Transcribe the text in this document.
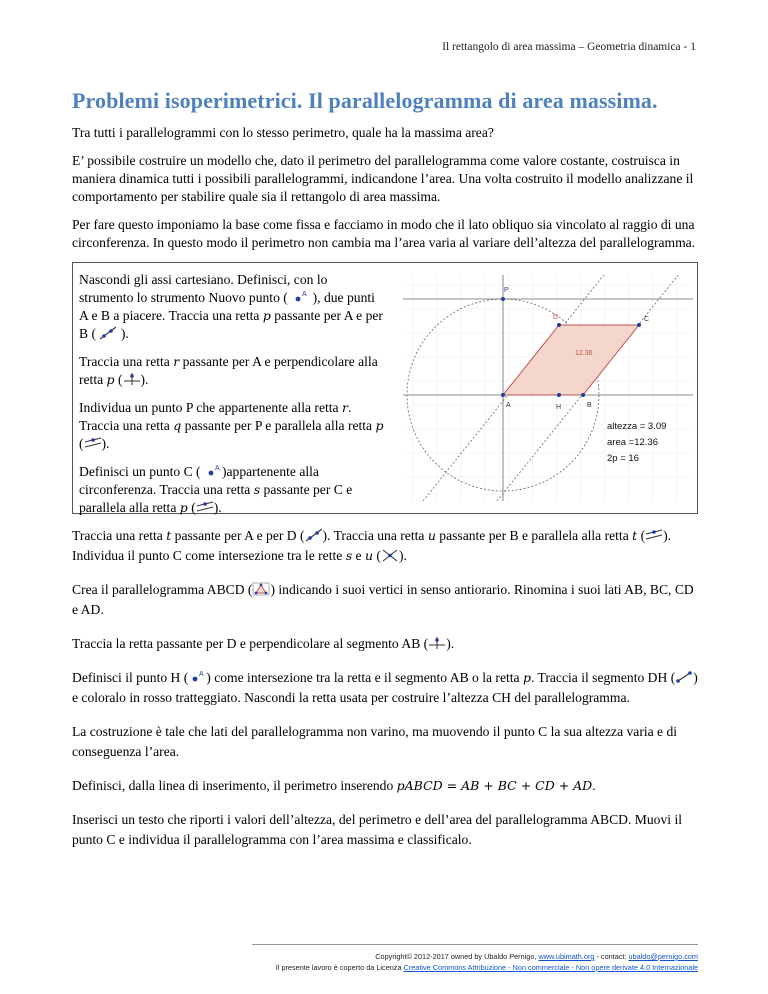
Il rettangolo di area massima – Geometria dinamica - 1
Problemi isoperimetrici. Il parallelogramma di area massima.

Tra tutti i parallelogrammi con lo stesso perimetro, quale ha la massima area?

E’ possibile costruire un modello che, dato il perimetro del parallelogramma come valore costante, costruisca in maniera dinamica tutti i possibili parallelogrammi, indicandone l’area. Una volta costruito il modello analizzane il comportamento per stabilire quale sia il rettangolo di area massima.

Per fare questo imponiamo la base come fissa e facciamo in modo che il lato obliquo sia vincolato al raggio di una circonferenza. In questo modo il perimetro non cambia ma l’area varia al variare dell’altezza del parallelogramma.

Nascondi gli assi cartesiano. Definisci, con lo strumento lo strumento Nuovo punto ( A ), due punti A e B a piacere. Traccia una retta p passante per A e per B ( ).

Traccia una retta r passante per A e perpendicolare alla retta p ( ).

Individua un punto P che appartenente alla retta r. Traccia una retta q passante per P e parallela alla retta p ( ).

Definisci un punto C ( A )appartenente alla circonferenza. Traccia una retta s passante per C e parallela alla retta p ( ).

P
D	C
A	H	B
12.36
altezza = 3.09
area =12.36
2p = 16

Traccia una retta t passante per A e per D ( ). Traccia una retta u passante per B e parallela alla retta t ( ). Individua il punto C come intersezione tra le rette s e u ( ).

Crea il parallelogramma ABCD ( ) indicando i suoi vertici in senso antiorario. Rinomina i suoi lati AB, BC, CD e AD.

Traccia la retta passante per D e perpendicolare al segmento AB ( ).

Definisci il punto H ( A ) come intersezione tra la retta e il segmento AB o la retta p. Traccia il segmento DH ( ) e coloralo in rosso tratteggiato. Nascondi la retta usata per costruire l’altezza CH del parallelogramma.

La costruzione è tale che lati del parallelogramma non varino, ma muovendo il punto C la sua altezza varia e di conseguenza l’area.

Definisci, dalla linea di inserimento, il perimetro inserendo pABCD = AB + BC + CD + AD.

Inserisci un testo che riporti i valori dell’altezza, del perimetro e dell’area del parallelogramma ABCD. Muovi il punto C e individua il parallelogramma con l’area massima e classificalo.

Copyright© 2012-2017 owned by Ubaldo Pernigo, www.ubimath.org - contact: ubaldo@pernigo.com
Il presente lavoro è coperto da Licenza Creative Commons Attribuzione - Non commerciale - Non opere derivate 4.0 Internazionale
